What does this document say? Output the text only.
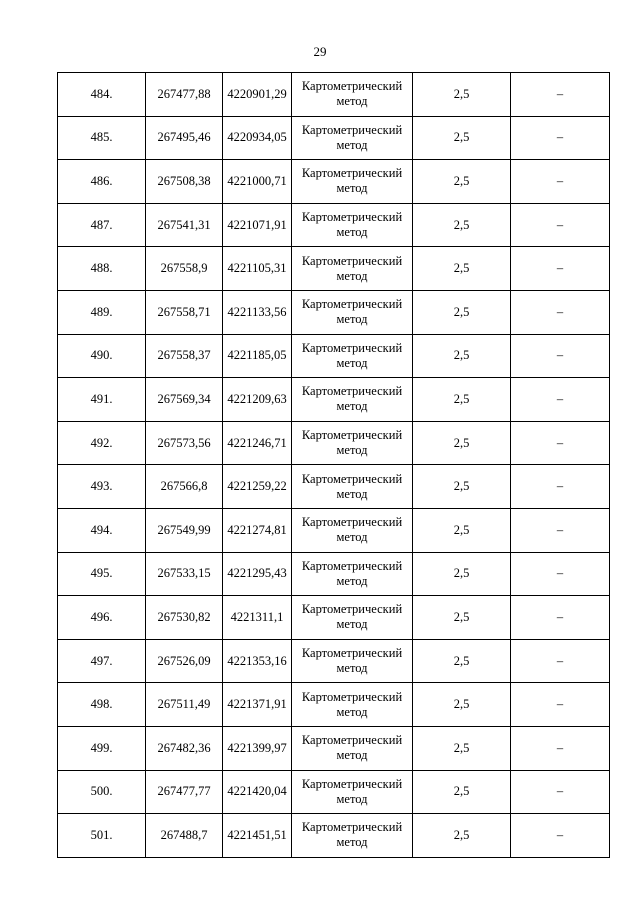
29
484.	267477,88	4220901,29	Картометрический метод	2,5	–
485.	267495,46	4220934,05	Картометрический метод	2,5	–
486.	267508,38	4221000,71	Картометрический метод	2,5	–
487.	267541,31	4221071,91	Картометрический метод	2,5	–
488.	267558,9	4221105,31	Картометрический метод	2,5	–
489.	267558,71	4221133,56	Картометрический метод	2,5	–
490.	267558,37	4221185,05	Картометрический метод	2,5	–
491.	267569,34	4221209,63	Картометрический метод	2,5	–
492.	267573,56	4221246,71	Картометрический метод	2,5	–
493.	267566,8	4221259,22	Картометрический метод	2,5	–
494.	267549,99	4221274,81	Картометрический метод	2,5	–
495.	267533,15	4221295,43	Картометрический метод	2,5	–
496.	267530,82	4221311,1	Картометрический метод	2,5	–
497.	267526,09	4221353,16	Картометрический метод	2,5	–
498.	267511,49	4221371,91	Картометрический метод	2,5	–
499.	267482,36	4221399,97	Картометрический метод	2,5	–
500.	267477,77	4221420,04	Картометрический метод	2,5	–
501.	267488,7	4221451,51	Картометрический метод	2,5	–
